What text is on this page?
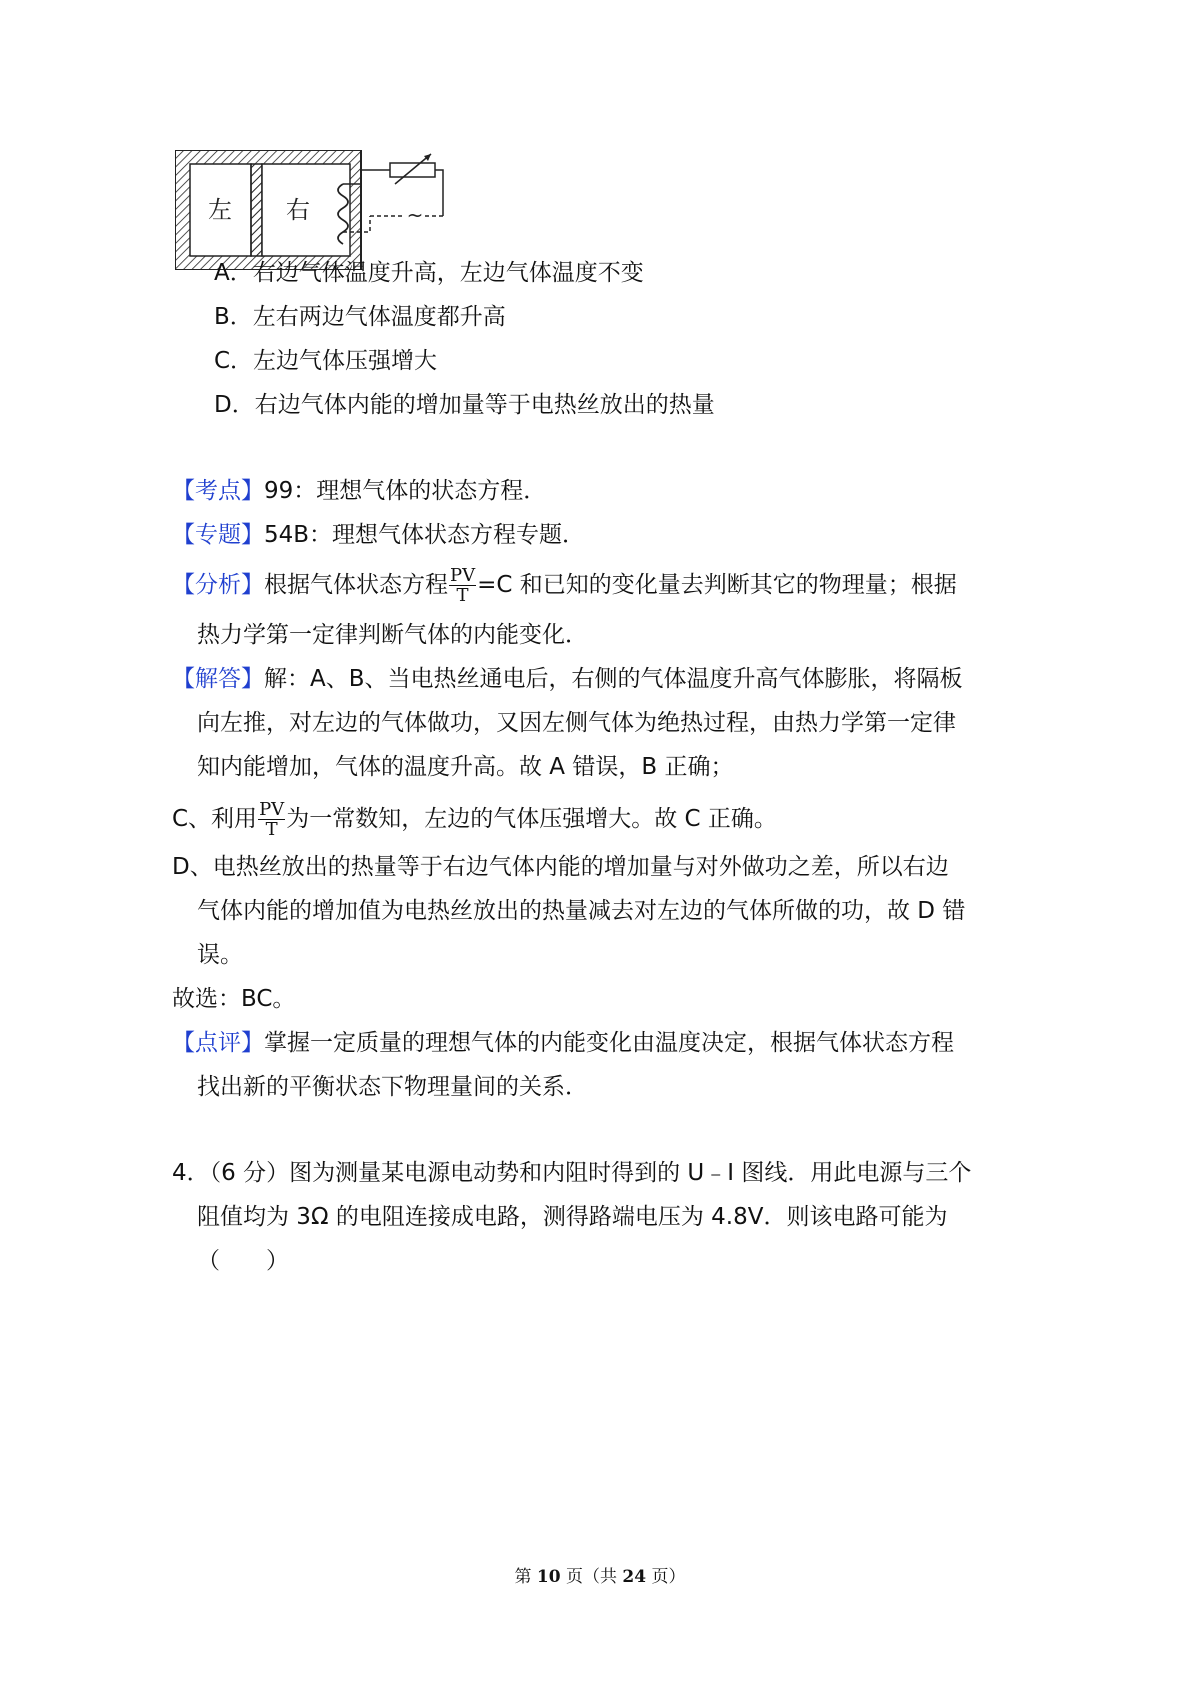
左 右	~
A．右边气体温度升高，左边气体温度不变
B．左右两边气体温度都升高
C．左边气体压强增大
D．右边气体内能的增加量等于电热丝放出的热量
【考点】99：理想气体的状态方程．
【专题】54B：理想气体状态方程专题．
【分析】根据气体状态方程 $\frac{PV}{T} =C$ 和已知的变化量去判断其它的物理量；根据
热力学第一定律判断气体的内能变化．
【解答】解：A、B、当电热丝通电后，右侧的气体温度升高气体膨胀，将隔板
向左推，对左边的气体做功，又因左侧气体为绝热过程，由热力学第一定律
知内能增加，气体的温度升高。故 A 错误，B 正确；
C、利用 $\frac{PV}{T}$ 为一常数知，左边的气体压强增大。故 C 正确。
D、电热丝放出的热量等于右边气体内能的增加量与对外做功之差，所以右边
气体内能的增加值为电热丝放出的热量减去对左边的气体所做的功，故 D 错
误。
故选：BC。
【点评】掌握一定质量的理想气体的内能变化由温度决定，根据气体状态方程
找出新的平衡状态下物理量间的关系．
4．（6 分）图为测量某电源电动势和内阻时得到的 U﹣I 图线．用此电源与三个
阻值均为 3Ω 的电阻连接成电路，测得路端电压为 4.8V．则该电路可能为
（　　）
第 10 页（共 24 页）
